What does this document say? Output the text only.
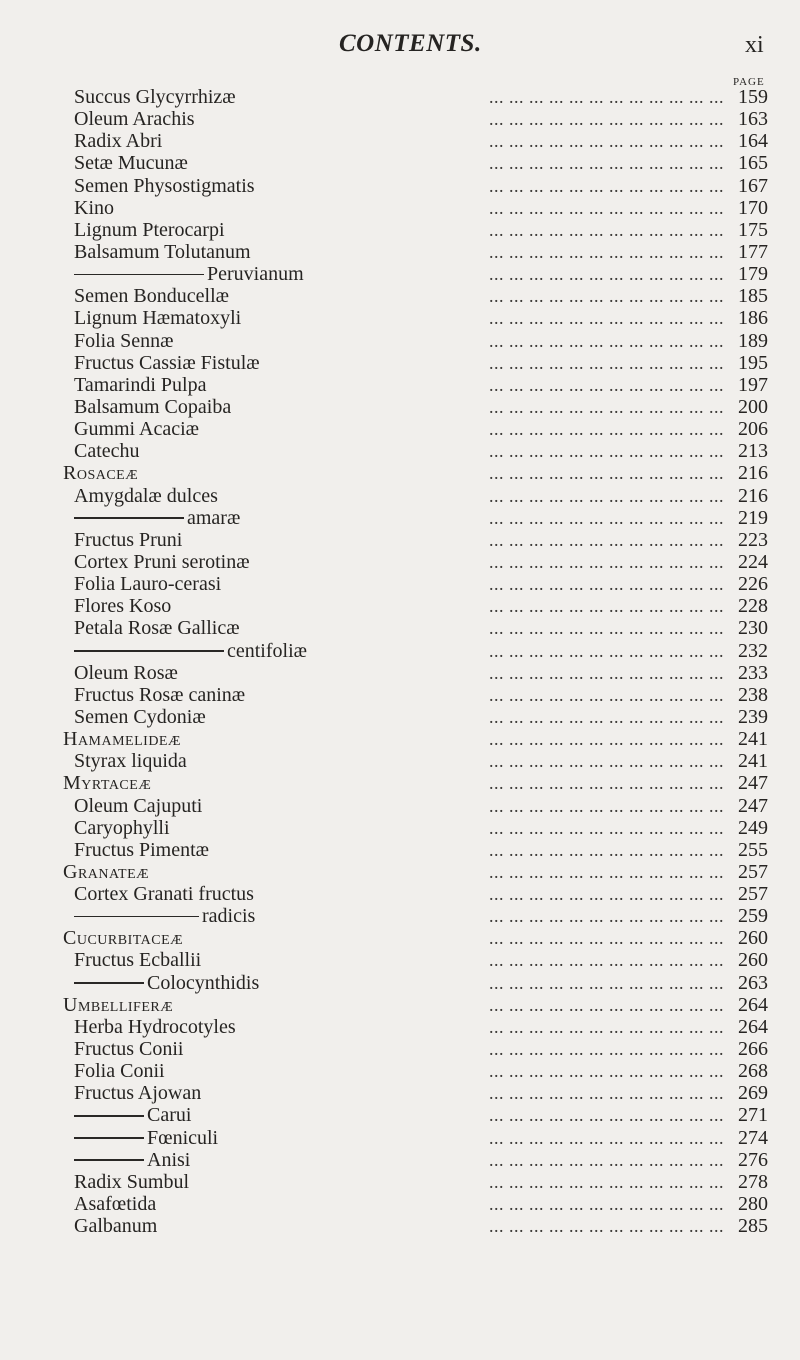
CONTENTS.	xi
PAGE
... ... ... ... ... ... ... ... ... ... ... ...
Succus Glycyrrhizæ	159
... ... ... ... ... ... ... ... ... ... ... ...
Oleum Arachis	163
... ... ... ... ... ... ... ... ... ... ... ...
Radix Abri	164
... ... ... ... ... ... ... ... ... ... ... ...
Setæ Mucunæ	165
... ... ... ... ... ... ... ... ... ... ... ...
Semen Physostigmatis	167
... ... ... ... ... ... ... ... ... ... ... ...
Kino	170
... ... ... ... ... ... ... ... ... ... ... ...
Lignum Pterocarpi	175
... ... ... ... ... ... ... ... ... ... ... ...
Balsamum Tolutanum	177
... ... ... ... ... ... ... ... ... ... ... ...
Peruvianum	179
... ... ... ... ... ... ... ... ... ... ... ...
Semen Bonducellæ	185
... ... ... ... ... ... ... ... ... ... ... ...
Lignum Hæmatoxyli	186
... ... ... ... ... ... ... ... ... ... ... ...
Folia Sennæ	189
... ... ... ... ... ... ... ... ... ... ... ...
Fructus Cassiæ Fistulæ	195
... ... ... ... ... ... ... ... ... ... ... ...
Tamarindi Pulpa	197
... ... ... ... ... ... ... ... ... ... ... ...
Balsamum Copaiba	200
... ... ... ... ... ... ... ... ... ... ... ...
Gummi Acaciæ	206
... ... ... ... ... ... ... ... ... ... ... ...
Catechu	213
... ... ... ... ... ... ... ... ... ... ... ...
Rosaceæ	216
... ... ... ... ... ... ... ... ... ... ... ...
Amygdalæ dulces	216
... ... ... ... ... ... ... ... ... ... ... ...
amaræ	219
... ... ... ... ... ... ... ... ... ... ... ...
Fructus Pruni	223
... ... ... ... ... ... ... ... ... ... ... ...
Cortex Pruni serotinæ	224
... ... ... ... ... ... ... ... ... ... ... ...
Folia Lauro-cerasi	226
... ... ... ... ... ... ... ... ... ... ... ...
Flores Koso	228
... ... ... ... ... ... ... ... ... ... ... ...
Petala Rosæ Gallicæ	230
... ... ... ... ... ... ... ... ... ... ... ...
centifoliæ	232
... ... ... ... ... ... ... ... ... ... ... ...
Oleum Rosæ	233
... ... ... ... ... ... ... ... ... ... ... ...
Fructus Rosæ caninæ	238
... ... ... ... ... ... ... ... ... ... ... ...
Semen Cydoniæ	239
... ... ... ... ... ... ... ... ... ... ... ...
Hamamelideæ	241
... ... ... ... ... ... ... ... ... ... ... ...
Styrax liquida	241
... ... ... ... ... ... ... ... ... ... ... ...
Myrtaceæ	247
... ... ... ... ... ... ... ... ... ... ... ...
Oleum Cajuputi	247
... ... ... ... ... ... ... ... ... ... ... ...
Caryophylli	249
... ... ... ... ... ... ... ... ... ... ... ...
Fructus Pimentæ	255
... ... ... ... ... ... ... ... ... ... ... ...
Granateæ	257
... ... ... ... ... ... ... ... ... ... ... ...
Cortex Granati fructus	257
... ... ... ... ... ... ... ... ... ... ... ...
radicis	259
... ... ... ... ... ... ... ... ... ... ... ...
Cucurbitaceæ	260
... ... ... ... ... ... ... ... ... ... ... ...
Fructus Ecballii	260
... ... ... ... ... ... ... ... ... ... ... ...
Colocynthidis	263
... ... ... ... ... ... ... ... ... ... ... ...
Umbelliferæ	264
... ... ... ... ... ... ... ... ... ... ... ...
Herba Hydrocotyles	264
... ... ... ... ... ... ... ... ... ... ... ...
Fructus Conii	266
... ... ... ... ... ... ... ... ... ... ... ...
Folia Conii	268
... ... ... ... ... ... ... ... ... ... ... ...
Fructus Ajowan	269
... ... ... ... ... ... ... ... ... ... ... ...
Carui	271
... ... ... ... ... ... ... ... ... ... ... ...
Fœniculi	274
... ... ... ... ... ... ... ... ... ... ... ...
Anisi	276
... ... ... ... ... ... ... ... ... ... ... ...
Radix Sumbul	278
... ... ... ... ... ... ... ... ... ... ... ...
Asafœtida	280
... ... ... ... ... ... ... ... ... ... ... ...
Galbanum	285
